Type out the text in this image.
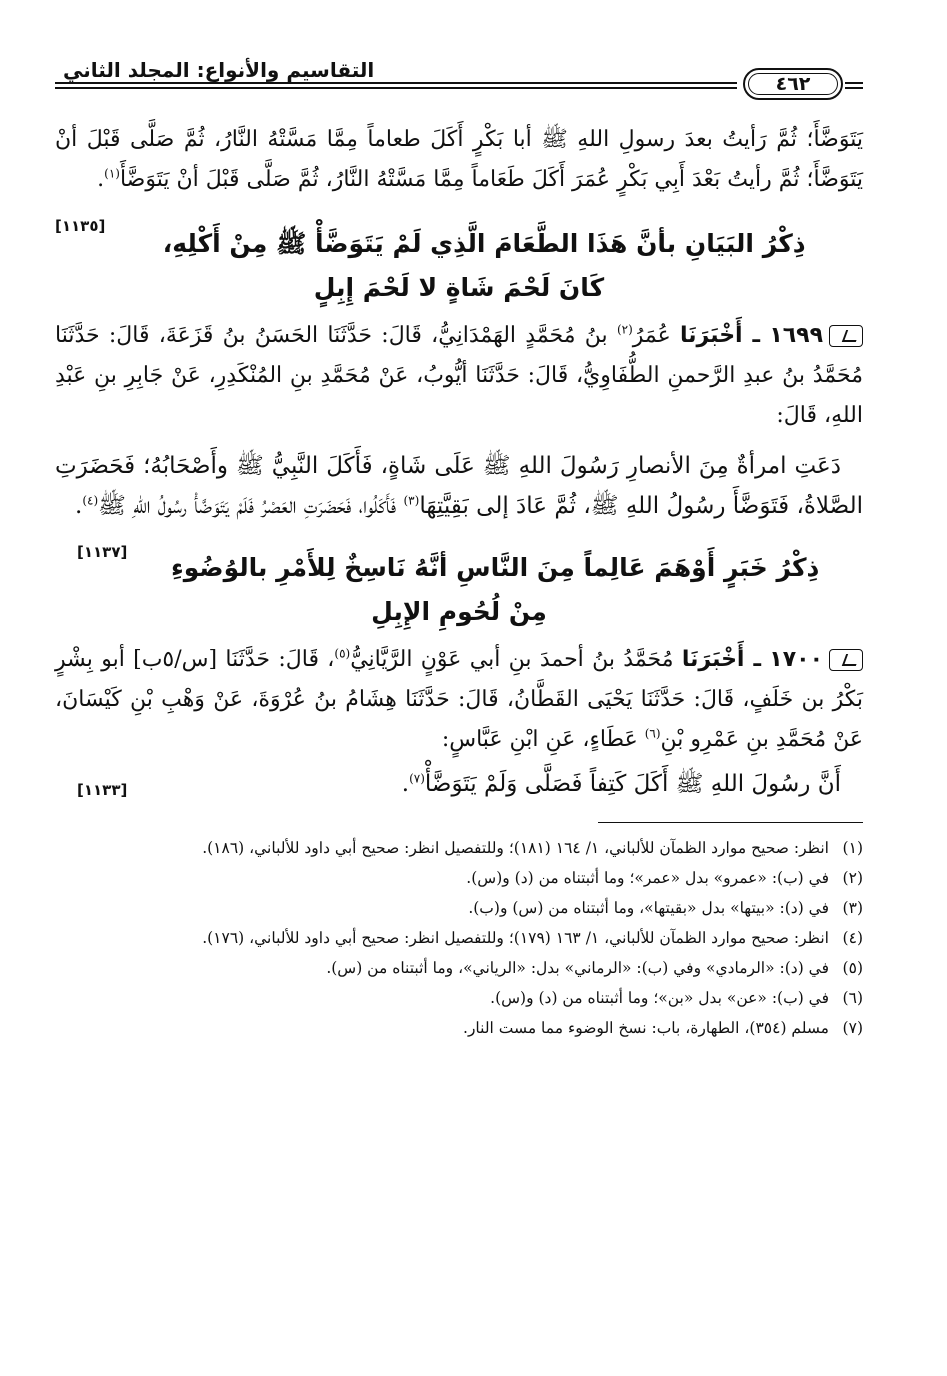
٤٦٢
التقاسيم والأنواع: المجلد الثاني

يَتَوَضَّأَ؛ ثُمَّ رَأيتُ بعدَ رسولِ اللهِ ﷺ أبا بَكْرٍ أَكَلَ طعاماً مِمَّا مَسَّتْهُ النَّارُ، ثُمَّ صَلَّى قَبْلَ أنْ يَتَوَضَّأَ؛ ثُمَّ رأيتُ بَعْدَ أَبِي بَكْرٍ عُمَرَ أَكَلَ طَعَاماً مِمَّا مَسَّتْهُ النَّارُ، ثُمَّ صَلَّى قَبْلَ أنْ يَتَوَضَّأَ$^{(١)}$.
[١١٣٥]

ذِكْرُ البَيَانِ بأنَّ هَذَا الطَّعَامَ الَّذِي لَمْ يَتَوَضَّأْ ﷺ مِنْ أَكْلِهِ،

كَانَ لَحْمَ شَاةٍ لا لَحْمَ إِبِلٍ

١٦٩٩ ـ أَخْبَرَنَا عُمَرُ$^{(٢)}$ بنُ مُحَمَّدٍ الهَمْدَانِيُّ، قَالَ: حَدَّثَنَا الحَسَنُ بنُ قَزَعَةَ، قَالَ: حَدَّثَنَا مُحَمَّدُ بنُ عبدِ الرَّحمنِ الطُّفَاوِيُّ، قَالَ: حَدَّثَنَا أيُّوبُ، عَنْ مُحَمَّدِ بنِ المُنْكَدِرِ، عَنْ جَابِرِ بنِ عَبْدِ اللهِ، قَالَ:

دَعَتِ امرأةٌ مِنَ الأنصارِ رَسُولَ اللهِ ﷺ عَلَى شَاةٍ، فَأَكَلَ النَّبِيُّ ﷺ وأَصْحَابُهُ؛ فَحَضَرَتِ الصَّلاةُ، فَتَوَضَّأَ رسُولُ اللهِ ﷺ، ثُمَّ عَادَ إلى بَقِيَّتِهَا$^{(٣)}$ فَأَكَلُوا، فَحَضَرَتِ العَصْرُ فَلَمْ يَتَوَضَّأْ رسُولُ اللهِ ﷺ$^{(٤)}$.
[١١٣٧]

ذِكْرُ خَبَرٍ أَوْهَمَ عَالِماً مِنَ النَّاسِ أنَّهُ نَاسِخٌ لِلأَمْرِ بالوُضُوءِ

مِنْ لُحُومِ الإِبِلِ

١٧٠٠ ـ أَخْبَرَنَا مُحَمَّدُ بنُ أحمدَ بنِ أبي عَوْنٍ الرَّيَّانِيُّ$^{(٥)}$، قَالَ: حَدَّثَنَا [س/٥ب] أبو بِشْرٍ بَكْرُ بن خَلَفٍ، قَالَ: حَدَّثَنَا يَحْيَى القَطَّانُ، قَالَ: حَدَّثَنَا هِشَامُ بنُ عُرْوَةَ، عَنْ وَهْبِ بْنِ كَيْسَانَ، عَنْ مُحَمَّدِ بنِ عَمْرِو بْنِ$^{(٦)}$ عَطَاءٍ، عَنِ ابْنِ عَبَّاسٍ:

أَنَّ رسُولَ اللهِ ﷺ أَكَلَ كَتِفاً فَصَلَّى وَلَمْ يَتَوَضَّأْ$^{(٧)}$.
[١١٣٣]

(١)
انظر: صحيح موارد الظمآن للألباني، ١/ ١٦٤ (١٨١)؛ وللتفصيل انظر: صحيح أبي داود للألباني، (١٨٦).
(٢)
في (ب): «عمرو» بدل «عمر»؛ وما أثبتناه من (د) و(س).
(٣)
في (د): «بيتها» بدل «بقيتها»، وما أثبتناه من (س) و(ب).
(٤)
انظر: صحيح موارد الظمآن للألباني، ١/ ١٦٣ (١٧٩)؛ وللتفصيل انظر: صحيح أبي داود للألباني، (١٧٦).
(٥)
في (د): «الرمادي» وفي (ب): «الرماني» بدل: «الرياني»، وما أثبتناه من (س).
(٦)
في (ب): «عن» بدل «بن»؛ وما أثبتناه من (د) و(س).
(٧)
مسلم (٣٥٤)، الطهارة، باب: نسخ الوضوء مما مست النار.
